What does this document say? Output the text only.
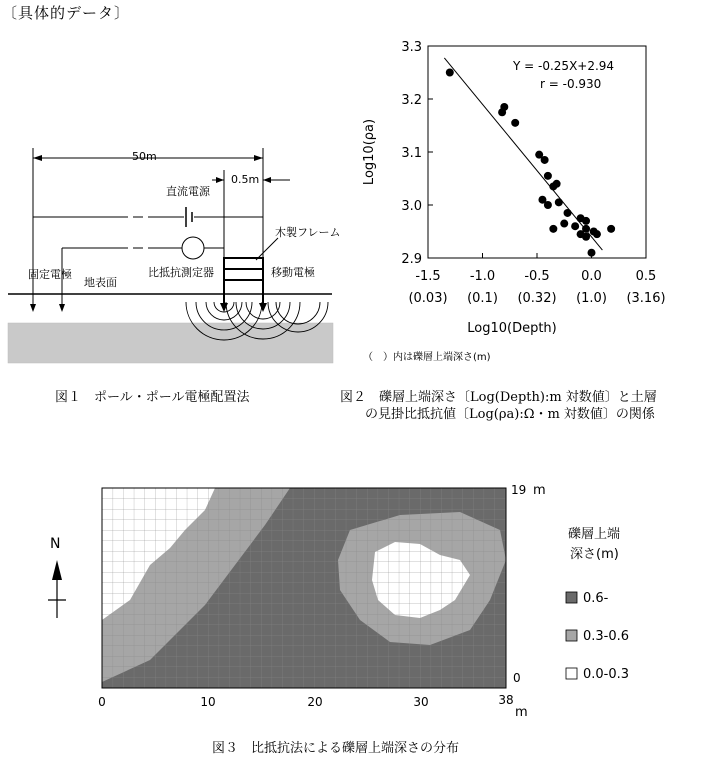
〔具体的データ〕
50m
0.5m
直流電源
木製フレーム
固定電極
地表面
比抵抗測定器	移動電極
図１　ポール・ポール電極配置法
3.3
3.2
3.1
3.0
2.9
-1.5
(0.03)
-1.0
(0.1)
-0.5
(0.32)
0.0
(1.0)
0.5
(3.16)
Y = -0.25X+2.94
r = -0.930
Log10(Depth)
Log10(ρa)
（　）内は礫層上端深さ(m)
図２　礫層上端深さ〔Log(Depth):m 対数値〕と土層
の見掛比抵抗値〔Log(ρa):Ω・m 対数値〕の関係
0	10	20	30	38
m
19 m
0
N
礫層上端
深さ(m)
0.6-
0.3-0.6
0.0-0.3
図３　比抵抗法による礫層上端深さの分布
